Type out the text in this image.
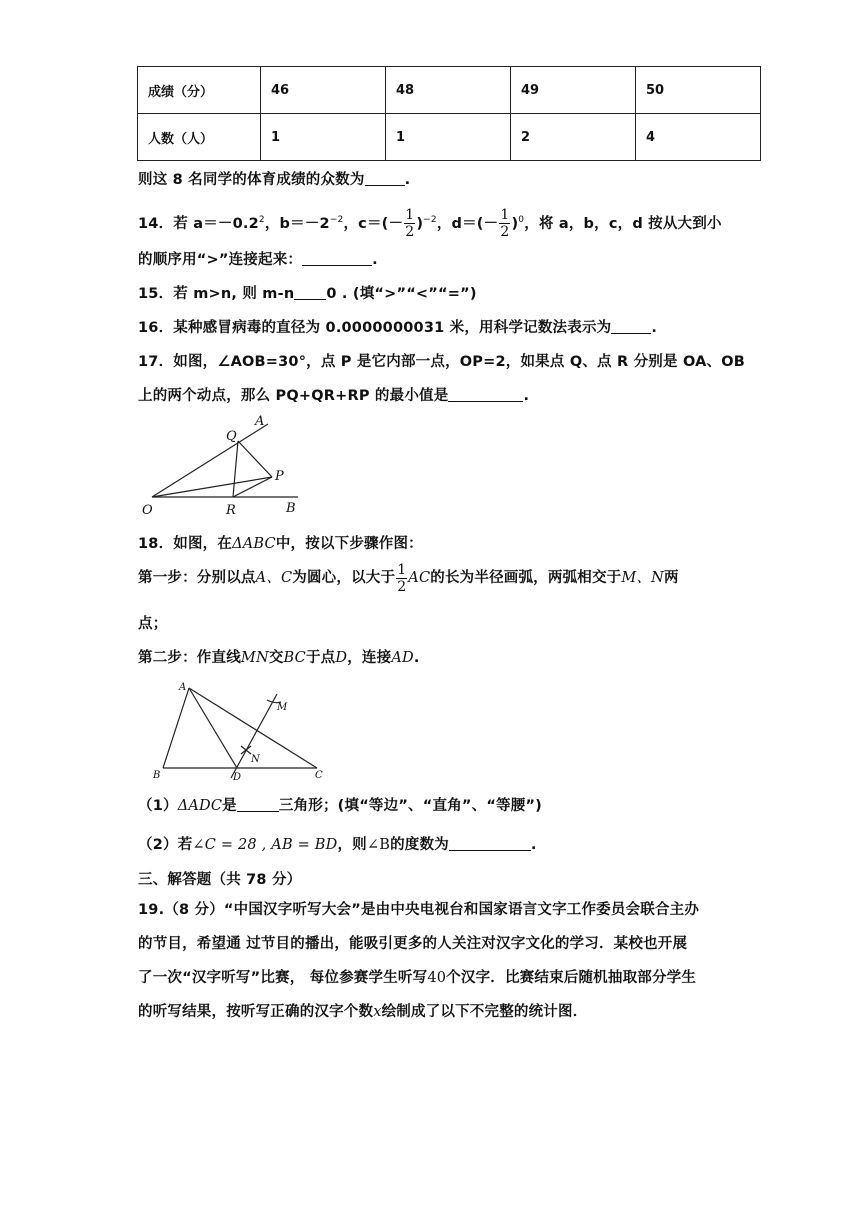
成绩（分）	46	48	49	50
人数（人）	1	1	2	4
则这 8 名同学的体育成绩的众数为	.
14．若 $a=-0.2^2$，$b=-2^{-2}$，$c=(- \frac{1}{2} )^{-2}$，$d=(- \frac{1}{2} )^0$，将 a，b，c，d 按从大到小
的顺序用“>”连接起来：	.
15．若 m>n, 则 m-n 0 . (填“>”“<”“=”)
16．某种感冒病毒的直径为 0.0000000031 米，用科学记数法表示为	.
17．如图，∠AOB=30°，点 P 是它内部一点，OP=2，如果点 Q、点 R 分别是 OA、OB
上的两个动点，那么 PQ+QR+RP 的最小值是	.
A
Q
P
O	R	B
18．如图，在ΔABC中，按以下步骤作图：
第一步：分别以点A、C为圆心，以大于 $\frac{1}{2}$ AC的长为半径画弧，两弧相交于M、N两
点；
第二步：作直线MN交BC于点D，连接AD.
A
M
N
B	D	C
（1）ΔADC是	三角形；(填“等边”、“直角”、“等腰”)
（2）若∠C = 28 , AB = BD，则∠B的度数为	.
三、解答题（共 78 分）
19.（8 分）“中国汉字听写大会”是由中央电视台和国家语言文字工作委员会联合主办
的节目，希望通 过节目的播出，能吸引更多的人关注对汉字文化的学习．某校也开展
了一次“汉字听写”比赛， 每位参赛学生听写40个汉字．比赛结束后随机抽取部分学生
的听写结果，按听写正确的汉字个数x绘制成了以下不完整的统计图．
